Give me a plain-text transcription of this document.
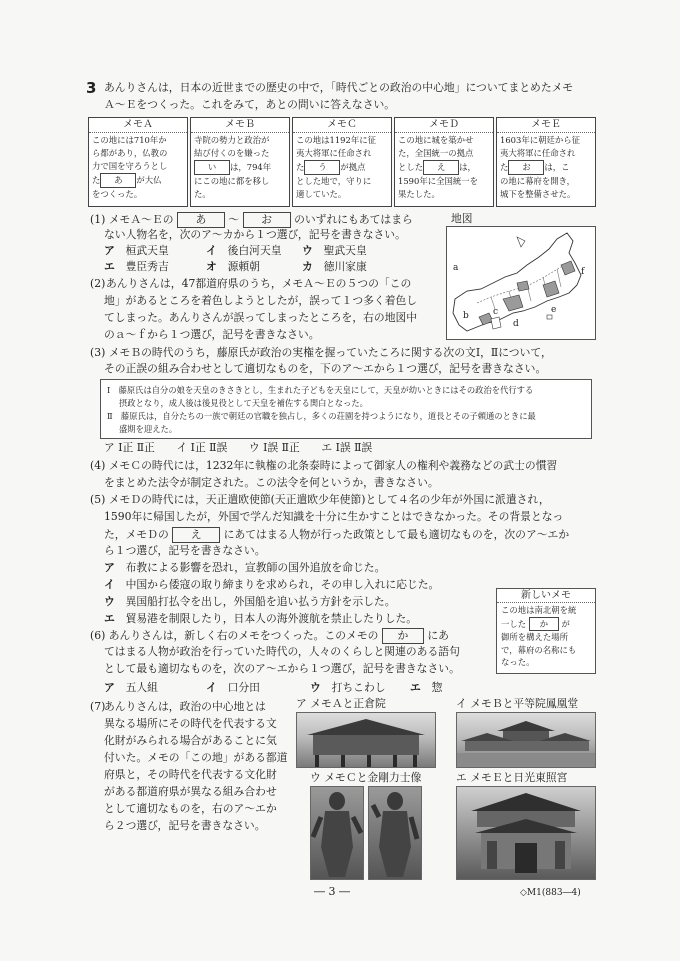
3 あんりさんは，日本の近世までの歴史の中で，「時代ごとの政治の中心地」についてまとめたメモ
Ａ～Ｅをつくった。これをみて，あとの問いに答えなさい。
メモＡ
この地には710年か
ら都があり，仏教の
力で国を守ろうとし
た あ が大仏
をつくった。
メモＢ
寺院の勢力と政治が
結び付くのを嫌った
い は，794年
にこの地に都を移し
た。
メモＣ
この地は1192年に征
夷大将軍に任命され
た う が拠点
とした地で，守りに
適していた。
メモＤ
この地に城を築かせ
た，全国統一の拠点
とした え は，
1590年に全国統一を
果たした。
メモＥ
1603年に朝廷から征
夷大将軍に任命され
た お は，こ
の地に幕府を開き，
城下を整備させた。
(1) メモＡ～Ｅの あ ～ お のいずれにもあてはまら	地図
ない人物名を，次のア～カから１つ選び，記号を書きなさい。
ア　 桓武天皇	イ　 後白河天皇 ウ　 聖武天皇
エ　 豊臣秀吉	オ　 源頼朝	カ　 徳川家康	a
b	c
d
e
f
(2) あんりさんは，47都道府県のうち，メモＡ～Ｅの５つの「この
地」があるところを着色しようとしたが，誤って１つ多く着色し
てしまった。あんりさんが誤ってしまったところを，右の地図中
のａ～ｆから１つ選び，記号を書きなさい。
(3) メモＢの時代のうち，藤原氏が政治の実権を握っていたころに関する次の文Ⅰ，Ⅱについて，
その正誤の組み合わせとして適切なものを，下のア～エから１つ選び，記号を書きなさい。
Ⅰ　藤原氏は自分の娘を天皇のきさきとし，生まれた子どもを天皇にして，天皇が幼いときにはその政治を代行する
摂政となり，成人後は後見役として天皇を補佐する関白となった。
Ⅱ　藤原氏は，自分たちの一族で朝廷の官職を独占し，多くの荘園を持つようになり，道長とその子頼通のときに最
盛期を迎えた。
ア Ⅰ正 Ⅱ正　　イ Ⅰ正 Ⅱ誤　　ウ Ⅰ誤 Ⅱ正　　エ Ⅰ誤 Ⅱ誤
(4) メモＣの時代には，1232年に執権の北条泰時によって御家人の権利や義務などの武士の慣習
をまとめた法令が制定された。この法令を何というか，書きなさい。
(5) メモＤの時代には，天正遣欧使節(天正遣欧少年使節)として４名の少年が外国に派遣され，
1590年に帰国したが，外国で学んだ知識を十分に生かすことはできなかった。その背景となっ
た，メモＤの え にあてはまる人物が行った政策として最も適切なものを，次のア～エか
ら１つ選び，記号を書きなさい。
ア　 布教による影響を恐れ，宣教師の国外追放を命じた。
イ　 中国から倭寇の取り締まりを求められ，その申し入れに応じた。
ウ　 異国船打払令を出し，外国船を追い払う方針を示した。
エ　 貿易港を制限したり，日本人の海外渡航を禁止したりした。
新しいメモ
この地は南北朝を統
一した か が
御所を構えた場所
で，幕府の名称にも
なった。
(6) あんりさんは，新しく右のメモをつくった。このメモの か にあ
てはまる人物が政治を行っていた時代の，人々のくらしと関連のある語句
として最も適切なものを，次のア～エから１つ選び，記号を書きなさい。
ア　 五人組	イ　 口分田	ウ　 打ちこわし エ　 惣
(7)
あんりさんは，政治の中心地とは
異なる場所にその時代を代表する文
化財がみられる場合があることに気
付いた。メモの「この地」がある都道
府県と，その時代を代表する文化財
がある都道府県が異なる組み合わせ
として適切なものを，右のア～エか
ら２つ選び，記号を書きなさい。
ア メモＡと正倉院	イ メモＢと平等院鳳凰堂
ウ メモＣと金剛力士像	エ メモＥと日光東照宮
― 3 ―	◇M1(883―4)
